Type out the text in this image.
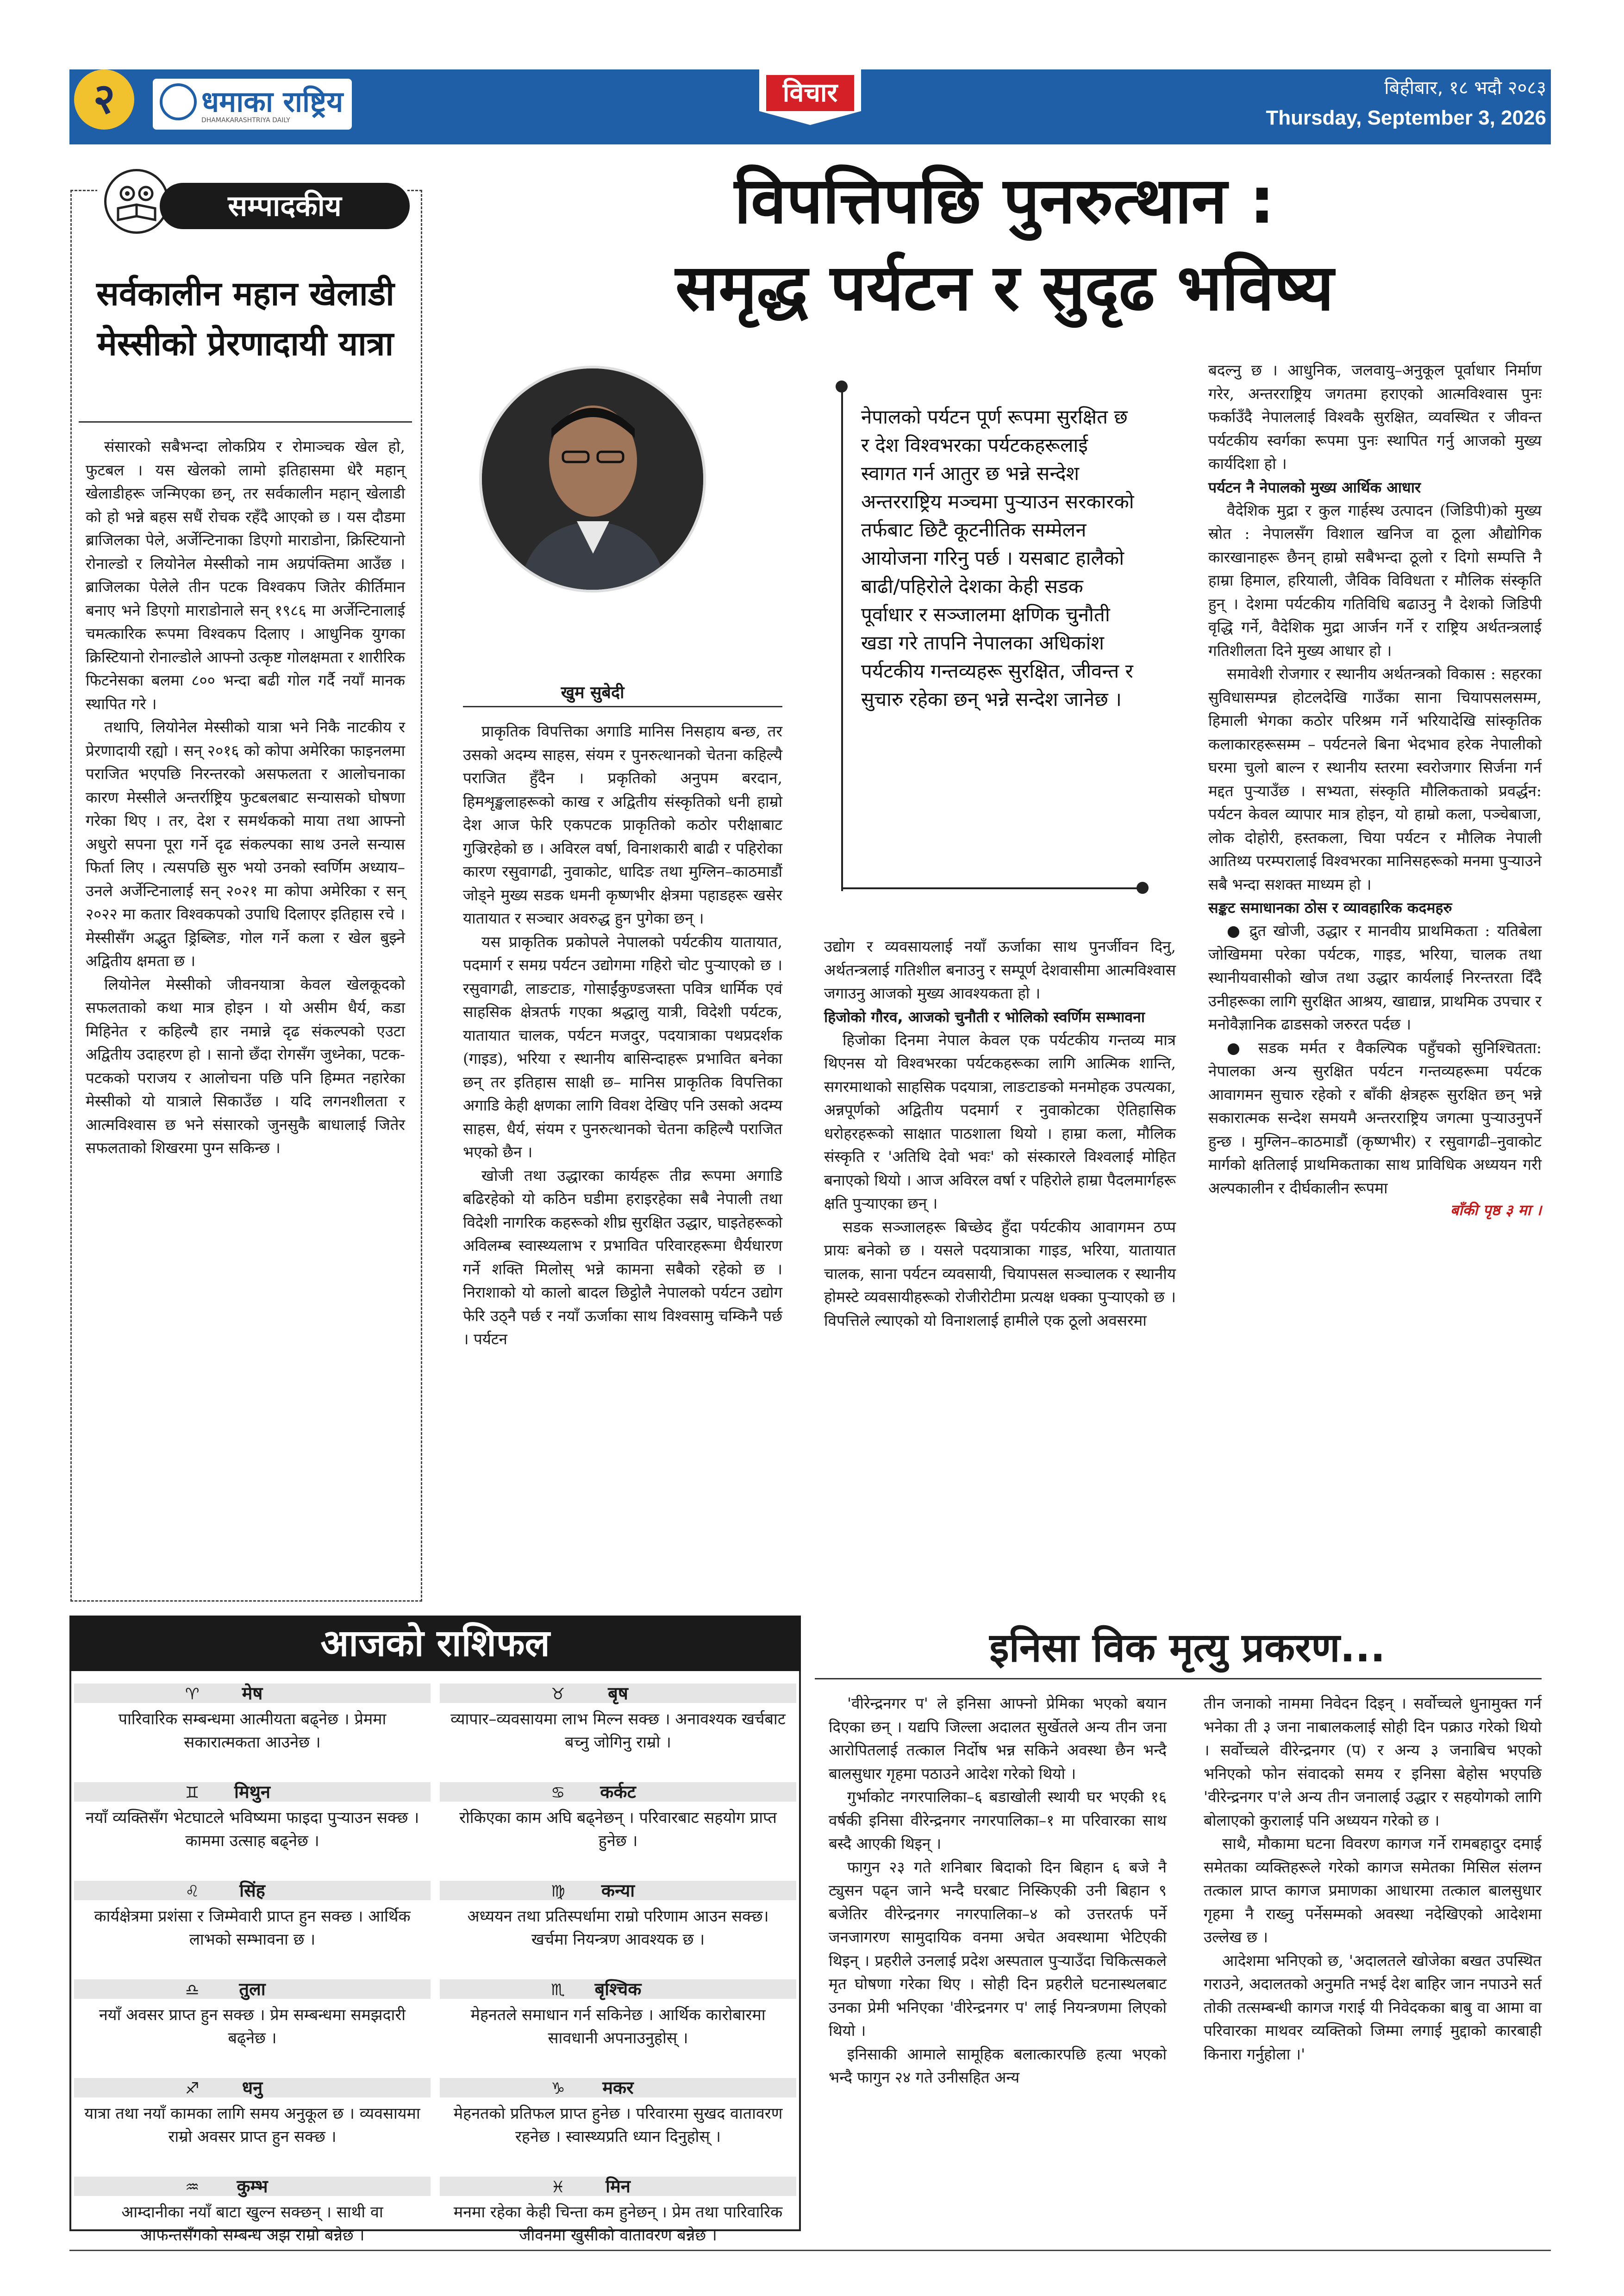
२	धमाका राष्ट्रिय
DHAMAKARASHTRIYA DAILY
विचार	बिहीबार, १८ भदौ २०८३
Thursday, September 3, 2026
सम्पादकीय
सर्वकालीन महान खेलाडी मेस्सीको प्रेरणादायी यात्रा

संसारको सबैभन्दा लोकप्रिय र रोमाञ्चक खेल हो, फुटबल । यस खेलको लामो इतिहासमा धेरै महान् खेलाडीहरू जन्मिएका छन्, तर सर्वकालीन महान् खेलाडी को हो भन्ने बहस सधैं रोचक रहँदै आएको छ । यस दौडमा ब्राजिलका पेले, अर्जेन्टिनाका डिएगो माराडोना, क्रिस्टियानो रोनाल्डो र लियोनेल मेस्सीको नाम अग्रपंक्तिमा आउँछ । ब्राजिलका पेलेले तीन पटक विश्वकप जितेर कीर्तिमान बनाए भने डिएगो माराडोनाले सन् १९८६ मा अर्जेन्टिनालाई चमत्कारिक रूपमा विश्वकप दिलाए । आधुनिक युगका क्रिस्टियानो रोनाल्डोले आफ्नो उत्कृष्ट गोलक्षमता र शारीरिक फिटनेसका बलमा ८०० भन्दा बढी गोल गर्दै नयाँ मानक स्थापित गरे ।

तथापि, लियोनेल मेस्सीको यात्रा भने निकै नाटकीय र प्रेरणादायी रह्यो । सन् २०१६ को कोपा अमेरिका फाइनलमा पराजित भएपछि निरन्तरको असफलता र आलोचनाका कारण मेस्सीले अन्तर्राष्ट्रिय फुटबलबाट सन्यासको घोषणा गरेका थिए । तर, देश र समर्थकको माया तथा आफ्नो अधुरो सपना पूरा गर्ने दृढ संकल्पका साथ उनले सन्यास फिर्ता लिए । त्यसपछि सुरु भयो उनको स्वर्णिम अध्याय–उनले अर्जेन्टिनालाई सन् २०२१ मा कोपा अमेरिका र सन् २०२२ मा कतार विश्वकपको उपाधि दिलाएर इतिहास रचे । मेस्सीसँग अद्भुत ड्रिब्लिङ, गोल गर्ने कला र खेल बुझ्ने अद्वितीय क्षमता छ ।

लियोनेल मेस्सीको जीवनयात्रा केवल खेलकूदको सफलताको कथा मात्र होइन । यो असीम धैर्य, कडा मिहिनेत र कहिल्यै हार नमान्ने दृढ संकल्पको एउटा अद्वितीय उदाहरण हो । सानो छँदा रोगसँग जुध्नेका, पटक-पटकको पराजय र आलोचना पछि पनि हिम्मत नहारेका मेस्सीको यो यात्राले सिकाउँछ । यदि लगनशीलता र आत्मविश्वास छ भने संसारको जुनसुकै बाधालाई जितेर सफलताको शिखरमा पुग्न सकिन्छ ।

विपत्तिपछि पुनरुत्थान :
समृद्ध पर्यटन र सुदृढ भविष्य
खुम सुबेदी
नेपालको पर्यटन पूर्ण रूपमा सुरक्षित छ र देश विश्वभरका पर्यटकहरूलाई स्वागत गर्न आतुर छ भन्ने सन्देश अन्तरराष्ट्रिय मञ्चमा पुर्‍याउन सरकारको तर्फबाट छिटै कूटनीतिक सम्मेलन आयोजना गरिनु पर्छ । यसबाट हालैको बाढी/पहिरोले देशका केही सडक पूर्वाधार र सञ्जालमा क्षणिक चुनौती खडा गरे तापनि नेपालका अधिकांश पर्यटकीय गन्तव्यहरू सुरक्षित, जीवन्त र सुचारु रहेका छन् भन्ने सन्देश जानेछ ।

प्राकृतिक विपत्तिका अगाडि मानिस निसहाय बन्छ, तर उसको अदम्य साहस, संयम र पुनरुत्थानको चेतना कहिल्यै पराजित हुँदैन । प्रकृतिको अनुपम बरदान, हिमशृङ्खलाहरूको काख र अद्वितीय संस्कृतिको धनी हाम्रो देश आज फेरि एकपटक प्राकृतिको कठोर परीक्षाबाट गुज्रिरहेको छ । अविरल वर्षा, विनाशकारी बाढी र पहिरोका कारण रसुवागढी, नुवाकोट, धादिङ तथा मुग्लिन–काठमाडौं जोड्ने मुख्य सडक धमनी कृष्णभीर क्षेत्रमा पहाडहरू खसेर यातायात र सञ्चार अवरुद्ध हुन पुगेका छन् ।

यस प्राकृतिक प्रकोपले नेपालको पर्यटकीय यातायात, पदमार्ग र समग्र पर्यटन उद्योगमा गहिरो चोट पुर्‍याएको छ । रसुवागढी, लाङटाङ, गोसाईंकुण्डजस्ता पवित्र धार्मिक एवं साहसिक क्षेत्रतर्फ गएका श्रद्धालु यात्री, विदेशी पर्यटक, यातायात चालक, पर्यटन मजदुर, पदयात्राका पथप्रदर्शक (गाइड), भरिया र स्थानीय बासिन्दाहरू प्रभावित बनेका छन् तर इतिहास साक्षी छ– मानिस प्राकृतिक विपत्तिका अगाडि केही क्षणका लागि विवश देखिए पनि उसको अदम्य साहस, धैर्य, संयम र पुनरुत्थानको चेतना कहिल्यै पराजित भएको छैन ।

खोजी तथा उद्धारका कार्यहरू तीव्र रूपमा अगाडि बढिरहेको यो कठिन घडीमा हराइरहेका सबै नेपाली तथा विदेशी नागरिक कहरूको शीघ्र सुरक्षित उद्धार, घाइतेहरूको अविलम्ब स्वास्थ्यलाभ र प्रभावित परिवारहरूमा धैर्यधारण गर्ने शक्ति मिलोस् भन्ने कामना सबैको रहेको छ । निराशाको यो कालो बादल छिट्ठोलै नेपालको पर्यटन उद्योग फेरि उठ्नै पर्छ र नयाँ ऊर्जाका साथ विश्वसामु चम्किनै पर्छ । पर्यटन

उद्योग र व्यवसायलाई नयाँ ऊर्जाका साथ पुनर्जीवन दिनु, अर्थतन्त्रलाई गतिशील बनाउनु र सम्पूर्ण देशवासीमा आत्मविश्वास जगाउनु आजको मुख्य आवश्यकता हो ।

हिजोको गौरव, आजको चुनौती र भोलिको स्वर्णिम सम्भावना

हिजोका दिनमा नेपाल केवल एक पर्यटकीय गन्तव्य मात्र थिएनस यो विश्वभरका पर्यटकहरूका लागि आत्मिक शान्ति, सगरमाथाको साहसिक पदयात्रा, लाङटाङको मनमोहक उपत्यका, अन्नपूर्णको अद्वितीय पदमार्ग र नुवाकोटका ऐतिहासिक धरोहरहरूको साक्षात पाठशाला थियो । हाम्रा कला, मौलिक संस्कृति र 'अतिथि देवो भवः' को संस्कारले विश्वलाई मोहित बनाएको थियो । आज अविरल वर्षा र पहिरोले हाम्रा पैदलमार्गहरू क्षति पुर्‍याएका छन् ।

सडक सञ्जालहरू बिच्छेद हुँदा पर्यटकीय आवागमन ठप्प प्रायः बनेको छ । यसले पदयात्राका गाइड, भरिया, यातायात चालक, साना पर्यटन व्यवसायी, चियापसल सञ्चालक र स्थानीय होमस्टे व्यवसायीहरूको रोजीरोटीमा प्रत्यक्ष धक्का पुर्‍याएको छ । विपत्तिले ल्याएको यो विनाशलाई हामीले एक ठूलो अवसरमा

बदल्नु छ । आधुनिक, जलवायु–अनुकूल पूर्वाधार निर्माण गरेर, अन्तरराष्ट्रिय जगतमा हराएको आत्मविश्वास पुनः फर्काउँदै नेपाललाई विश्वकै सुरक्षित, व्यवस्थित र जीवन्त पर्यटकीय स्वर्गका रूपमा पुनः स्थापित गर्नु आजको मुख्य कार्यदिशा हो ।

पर्यटन नै नेपालको मुख्य आर्थिक आधार

वैदेशिक मुद्रा र कुल गार्हस्थ उत्पादन (जिडिपी)को मुख्य स्रोत : नेपालसँग विशाल खनिज वा ठूला औद्योगिक कारखानाहरू छैनन् हाम्रो सबैभन्दा ठूलो र दिगो सम्पत्ति नै हाम्रा हिमाल, हरियाली, जैविक विविधता र मौलिक संस्कृति हुन् । देशमा पर्यटकीय गतिविधि बढाउनु नै देशको जिडिपी वृद्धि गर्ने, वैदेशिक मुद्रा आर्जन गर्ने र राष्ट्रिय अर्थतन्त्रलाई गतिशीलता दिने मुख्य आधार हो ।

समावेशी रोजगार र स्थानीय अर्थतन्त्रको विकास : सहरका सुविधासम्पन्न होटलदेखि गाउँका साना चियापसलसम्म, हिमाली भेगका कठोर परिश्रम गर्ने भरियादेखि सांस्कृतिक कलाकारहरूसम्म – पर्यटनले बिना भेदभाव हरेक नेपालीको घरमा चुलो बाल्न र स्थानीय स्तरमा स्वरोजगार सिर्जना गर्न मद्दत पुर्‍याउँछ । सभ्यता, संस्कृति मौलिकताको प्रवर्द्धन: पर्यटन केवल व्यापार मात्र होइन, यो हाम्रो कला, पञ्चेबाजा, लोक दोहोरी, हस्तकला, चिया पर्यटन र मौलिक नेपाली आतिथ्य परम्परालाई विश्वभरका मानिसहरूको मनमा पुर्‍याउने सबै भन्दा सशक्त माध्यम हो ।

सङ्कट समाधानका ठोस र व्यावहारिक कदमहरु

● द्रुत खोजी, उद्धार र मानवीय प्राथमिकता : यतिबेला जोखिममा परेका पर्यटक, गाइड, भरिया, चालक तथा स्थानीयवासीको खोज तथा उद्धार कार्यलाई निरन्तरता दिँदै उनीहरूका लागि सुरक्षित आश्रय, खाद्यान्न, प्राथमिक उपचार र मनोवैज्ञानिक ढाडसको जरुरत पर्दछ ।

● सडक मर्मत र वैकल्पिक पहुँचको सुनिश्चितता: नेपालका अन्य सुरक्षित पर्यटन गन्तव्यहरूमा पर्यटक आवागमन सुचारु रहेको र बाँकी क्षेत्रहरू सुरक्षित छन् भन्ने सकारात्मक सन्देश समयमै अन्तरराष्ट्रिय जगत्मा पुर्‍याउनुपर्ने हुन्छ । मुग्लिन–काठमाडौं (कृष्णभीर) र रसुवागढी–नुवाकोट मार्गको क्षतिलाई प्राथमिकताका साथ प्राविधिक अध्ययन गरी अल्पकालीन र दीर्घकालीन रूपमा

बाँकी पृष्ठ ३ मा ।
आजको राशिफल
♈ मेष
पारिवारिक सम्बन्धमा आत्मीयता बढ्नेछ । प्रेममा सकारात्मकता आउनेछ ।
♊ मिथुन
नयाँ व्यक्तिसँग भेटघाटले भविष्यमा फाइदा पुऱ्याउन सक्छ । काममा उत्साह बढ्नेछ ।
♌ सिंह
कार्यक्षेत्रमा प्रशंसा र जिम्मेवारी प्राप्त हुन सक्छ । आर्थिक लाभको सम्भावना छ ।
♎ तुला
नयाँ अवसर प्राप्त हुन सक्छ । प्रेम सम्बन्धमा समझदारी बढ्नेछ ।
♐ धनु
यात्रा तथा नयाँ कामका लागि समय अनुकूल छ । व्यवसायमा राम्रो अवसर प्राप्त हुन सक्छ ।
♒ कुम्भ
आम्दानीका नयाँ बाटा खुल्न सक्छन् । साथी वा आफन्तसँगको सम्बन्ध अझ राम्रो बन्नेछ ।
♉ बृष
व्यापार–व्यवसायमा लाभ मिल्न सक्छ । अनावश्यक खर्चबाट बच्नु जोगिनु राम्रो ।
♋ कर्कट
रोकिएका काम अघि बढ्नेछन् । परिवारबाट सहयोग प्राप्त हुनेछ ।
♍ कन्या
अध्ययन तथा प्रतिस्पर्धामा राम्रो परिणाम आउन सक्छ। खर्चमा नियन्त्रण आवश्यक छ ।
♏ बृश्चिक
मेहनतले समाधान गर्न सकिनेछ । आर्थिक कारोबारमा सावधानी अपनाउनुहोस् ।
♑ मकर
मेहनतको प्रतिफल प्राप्त हुनेछ । परिवारमा सुखद वातावरण रहनेछ । स्वास्थ्यप्रति ध्यान दिनुहोस् ।
♓ मिन
मनमा रहेका केही चिन्ता कम हुनेछन् । प्रेम तथा पारिवारिक जीवनमा खुसीको वातावरण बन्नेछ ।
इनिसा विक मृत्यु प्रकरण...

'वीरेन्द्रनगर प' ले इनिसा आफ्नो प्रेमिका भएको बयान दिएका छन् । यद्यपि जिल्ला अदालत सुर्खेतले अन्य तीन जना आरोपितलाई तत्काल निर्दोष भन्न सकिने अवस्था छैन भन्दै बालसुधार गृहमा पठाउने आदेश गरेको थियो ।

गुर्भाकोट नगरपालिका–६ बडाखोली स्थायी घर भएकी १६ वर्षकी इनिसा वीरेन्द्रनगर नगरपालिका–१ मा परिवारका साथ बस्दै आएकी थिइन् ।

फागुन २३ गते शनिबार बिदाको दिन बिहान ६ बजे नै ट्युसन पढ्न जाने भन्दै घरबाट निस्किएकी उनी बिहान ९ बजेतिर वीरेन्द्रनगर नगरपालिका–४ को उत्तरतर्फ पर्ने जनजागरण सामुदायिक वनमा अचेत अवस्थामा भेटिएकी थिइन् । प्रहरीले उनलाई प्रदेश अस्पताल पुऱ्याउँदा चिकित्सकले मृत घोषणा गरेका थिए । सोही दिन प्रहरीले घटनास्थलबाट उनका प्रेमी भनिएका 'वीरेन्द्रनगर प' लाई नियन्त्रणमा लिएको थियो ।

इनिसाकी आमाले सामूहिक बलात्कारपछि हत्या भएको भन्दै फागुन २४ गते उनीसहित अन्य

तीन जनाको नाममा निवेदन दिइन् । सर्वोच्चले धुनामुक्त गर्न भनेका ती ३ जना नाबालकलाई सोही दिन पक्राउ गरेको थियो । सर्वोच्चले वीरेन्द्रनगर (प) र अन्य ३ जनाबिच भएको भनिएको फोन संवादको समय र इनिसा बेहोस भएपछि 'वीरेन्द्रनगर प'ले अन्य तीन जनालाई उद्धार र सहयोगको लागि बोलाएको कुरालाई पनि अध्ययन गरेको छ ।

साथै, मौकामा घटना विवरण कागज गर्ने रामबहादुर दमाई समेतका व्यक्तिहरूले गरेको कागज समेतका मिसिल संलग्न तत्काल प्राप्त कागज प्रमाणका आधारमा तत्काल बालसुधार गृहमा नै राख्नु पर्नेसम्मको अवस्था नदेखिएको आदेशमा उल्लेख छ ।

आदेशमा भनिएको छ, 'अदालतले खोजेका बखत उपस्थित गराउने, अदालतको अनुमति नभई देश बाहिर जान नपाउने सर्त तोकी तत्सम्बन्धी कागज गराई यी निवेदकका बाबु वा आमा वा परिवारका माथवर व्यक्तिको जिम्मा लगाई मुद्दाको कारबाही किनारा गर्नुहोला ।'
